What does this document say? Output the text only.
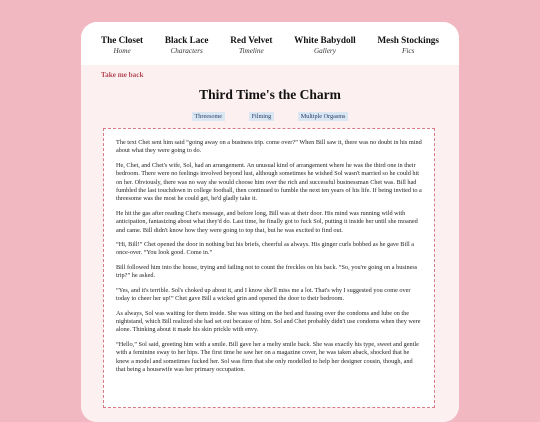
The Closet
Home
Black Lace
Characters
Red Velvet
Timeline
White Babydoll
Gallery
Mesh Stockings
Fics
Take me back
Third Time's the Charm
Threesome	Filming	Multiple Orgasms

The text Chet sent him said “going away on a business trip. come over?” When Bill saw it, there was no doubt in his mind about what they were going to do.

He, Chet, and Chet's wife, Sol, had an arrangement. An unusual kind of arrangement where he was the third one in their bedroom. There were no feelings involved beyond lust, although sometimes he wished Sol wasn't married so he could hit on her. Obviously, there was no way she would choose him over the rich and successful businessman Chet was. Bill had fumbled the last touchdown in college football, then continued to fumble the next ten years of his life. If being invited to a threesome was the most he could get, he'd gladly take it.

He hit the gas after reading Chet's message, and before long, Bill was at their door. His mind was running wild with anticipation, fantasizing about what they'd do. Last time, he finally got to fuck Sol, putting it inside her until she moaned and came. Bill didn't know how they were going to top that, but he was excited to find out.

“Hi, Bill!” Chet opened the door in nothing but his briefs, cheerful as always. His ginger curls bobbed as he gave Bill a once-over. “You look good. Come in.”

Bill followed him into the house, trying and failing not to count the freckles on his back. “So, you're going on a business trip?” he asked.

“Yes, and it's terrible. Sol's choked up about it, and I know she'll miss me a lot. That's why I suggested you come over today to cheer her up!” Chet gave Bill a wicked grin and opened the door to their bedroom.

As always, Sol was waiting for them inside. She was sitting on the bed and fussing over the condoms and lube on the nightstand, which Bill realized she had set out because of him. Sol and Chet probably didn't use condoms when they were alone. Thinking about it made his skin prickle with envy.

“Hello,” Sol said, greeting him with a smile. Bill gave her a melty smile back. She was exactly his type, sweet and gentle with a feminine sway to her hips. The first time he saw her on a magazine cover, he was taken aback, shocked that he knew a model and sometimes fucked her. Sol was firm that she only modelled to help her designer cousin, though, and that being a housewife was her primary occupation.
